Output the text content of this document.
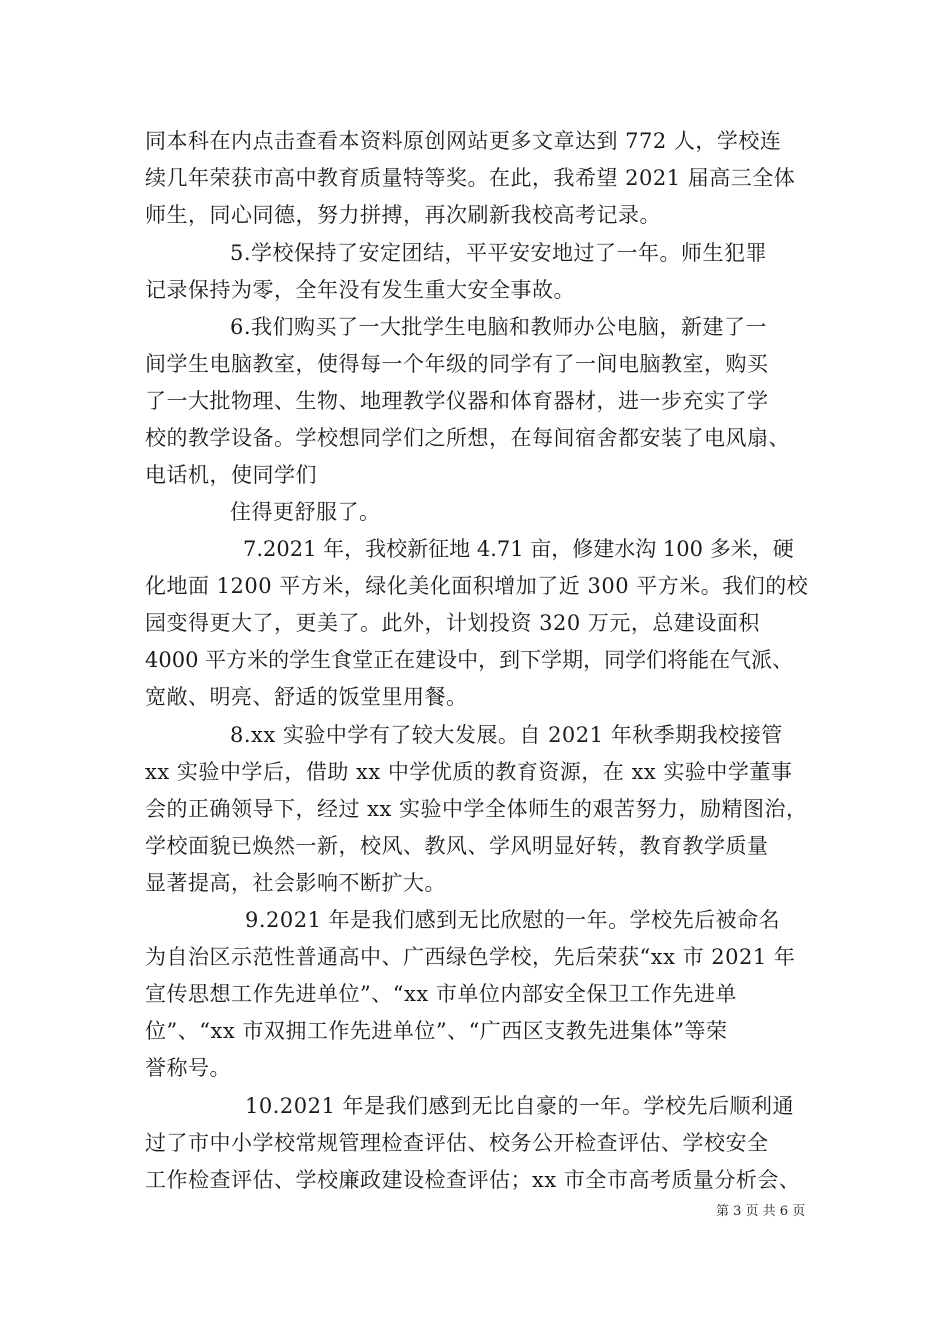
同本科在内点击查看本资料原创网站更多文章达到 772 人，学校连
续几年荣获市高中教育质量特等奖。在此，我希望 2021 届高三全体
师生，同心同德，努力拼搏，再次刷新我校高考记录。
5.学校保持了安定团结，平平安安地过了一年。师生犯罪
记录保持为零，全年没有发生重大安全事故。
6.我们购买了一大批学生电脑和教师办公电脑，新建了一
间学生电脑教室，使得每一个年级的同学有了一间电脑教室，购买
了一大批物理、生物、地理教学仪器和体育器材，进一步充实了学
校的教学设备。学校想同学们之所想，在每间宿舍都安装了电风扇、
电话机，使同学们
住得更舒服了。
7.2021 年，我校新征地 4.71 亩，修建水沟 100 多米，硬
化地面 1200 平方米，绿化美化面积增加了近 300 平方米。我们的校
园变得更大了，更美了。此外，计划投资 320 万元，总建设面积
4000 平方米的学生食堂正在建设中，到下学期，同学们将能在气派、
宽敞、明亮、舒适的饭堂里用餐。
8.xx 实验中学有了较大发展。自 2021 年秋季期我校接管
xx 实验中学后，借助 xx 中学优质的教育资源，在 xx 实验中学董事
会的正确领导下，经过 xx 实验中学全体师生的艰苦努力，励精图治，
学校面貌已焕然一新，校风、教风、学风明显好转，教育教学质量
显著提高，社会影响不断扩大。
9.2021 年是我们感到无比欣慰的一年。学校先后被命名
为自治区示范性普通高中、广西绿色学校，先后荣获“xx 市 2021 年
宣传思想工作先进单位”、“xx 市单位内部安全保卫工作先进单
位”、“xx 市双拥工作先进单位”、“广西区支教先进集体”等荣
誉称号。
10.2021 年是我们感到无比自豪的一年。学校先后顺利通
过了市中小学校常规管理检查评估、校务公开检查评估、学校安全
工作检查评估、学校廉政建设检查评估；xx 市全市高考质量分析会、
第 3 页 共 6 页
